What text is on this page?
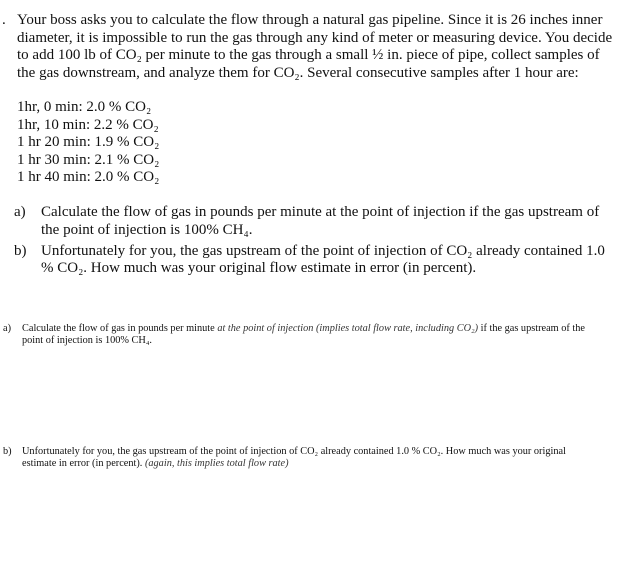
. Your boss asks you to calculate the flow through a natural gas pipeline. Since it is 26 inches inner diameter, it is impossible to run the gas through any kind of meter or measuring device. You decide to add 100 lb of CO₂ per minute to the gas through a small ½ in. piece of pipe, collect samples of the gas downstream, and analyze them for CO₂. Several consecutive samples after 1 hour are:

1hr, 0 min: 2.0 % CO₂
1hr, 10 min: 2.2 % CO₂
1 hr 20 min: 1.9 % CO₂
1 hr 30 min: 2.1 % CO₂
1 hr 40 min: 2.0 % CO₂
a) Calculate the flow of gas in pounds per minute at the point of injection if the gas upstream of the point of injection is 100% CH₄.
b) Unfortunately for you, the gas upstream of the point of injection of CO₂ already contained 1.0 % CO₂. How much was your original flow estimate in error (in percent).
a) Calculate the flow of gas in pounds per minute at the point of injection (implies total flow rate, including CO₂) if the gas upstream of the
point of injection is 100% CH₄.

b) Unfortunately for you, the gas upstream of the point of injection of CO₂ already contained 1.0 % CO₂. How much was your original
estimate in error (in percent). (again, this implies total flow rate)
